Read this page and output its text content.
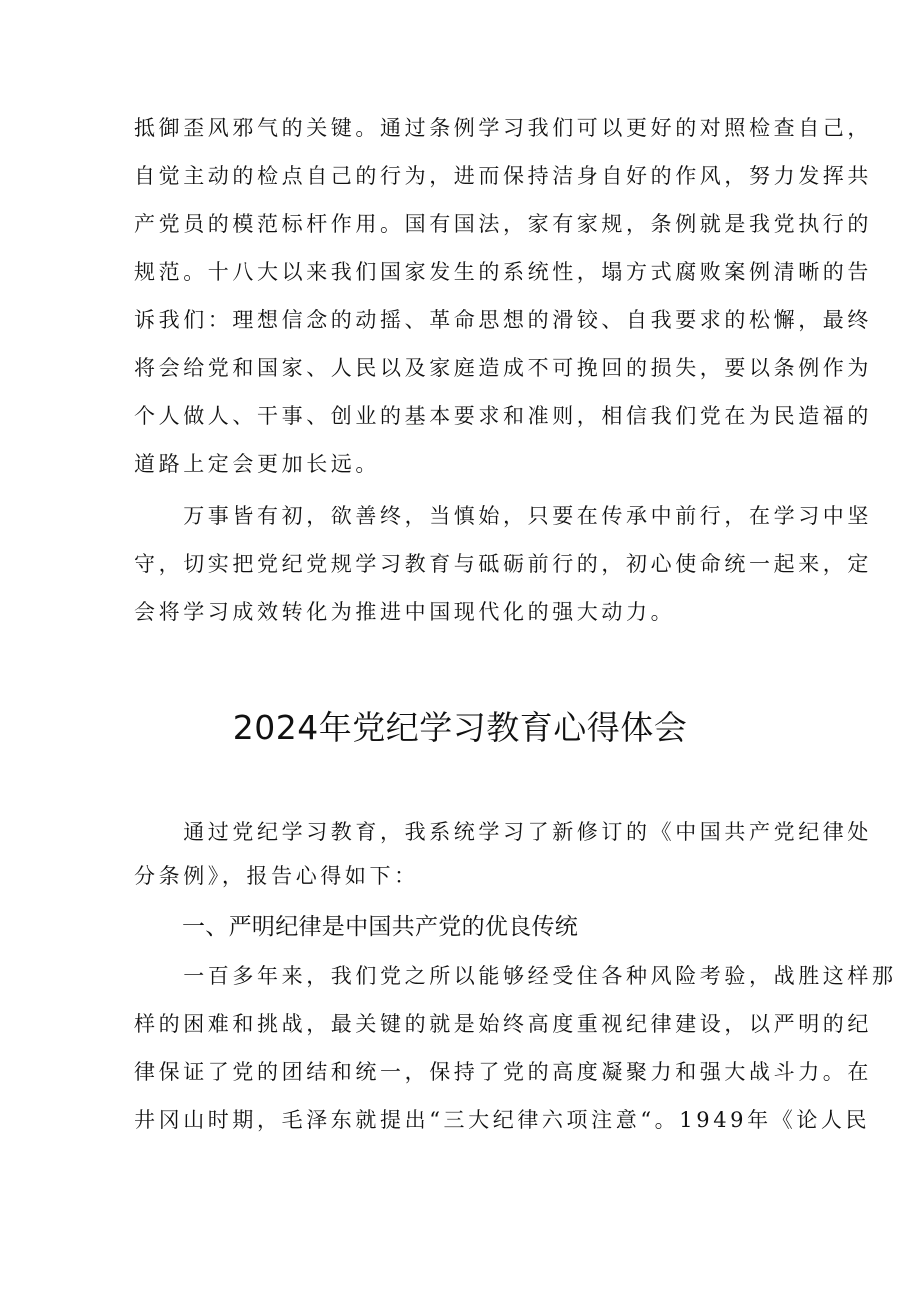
抵御歪风邪气的关键。通过条例学习我们可以更好的对照检查自己，
自觉主动的检点自己的行为，进而保持洁身自好的作风，努力发挥共
产党员的模范标杆作用。国有国法，家有家规，条例就是我党执行的
规范。十八大以来我们国家发生的系统性，塌方式腐败案例清晰的告
诉我们：理想信念的动摇、革命思想的滑铰、自我要求的松懈，最终
将会给党和国家、人民以及家庭造成不可挽回的损失，要以条例作为
个人做人、干事、创业的基本要求和准则，相信我们党在为民造福的
道路上定会更加长远。
　　万事皆有初，欲善终，当慎始，只要在传承中前行，在学习中坚
守，切实把党纪党规学习教育与砥砺前行的，初心使命统一起来，定
会将学习成效转化为推进中国现代化的强大动力。
2024年党纪学习教育心得体会
　　通过党纪学习教育，我系统学习了新修订的《中国共产党纪律处
分条例》，报告心得如下：
一、严明纪律是中国共产党的优良传统
　　一百多年来，我们党之所以能够经受住各种风险考验，战胜这样那
样的困难和挑战，最关键的就是始终高度重视纪律建设，以严明的纪
律保证了党的团结和统一，保持了党的高度凝聚力和强大战斗力。在
井冈山时期，毛泽东就提出“三大纪律六项注意“。1949年《论人民
